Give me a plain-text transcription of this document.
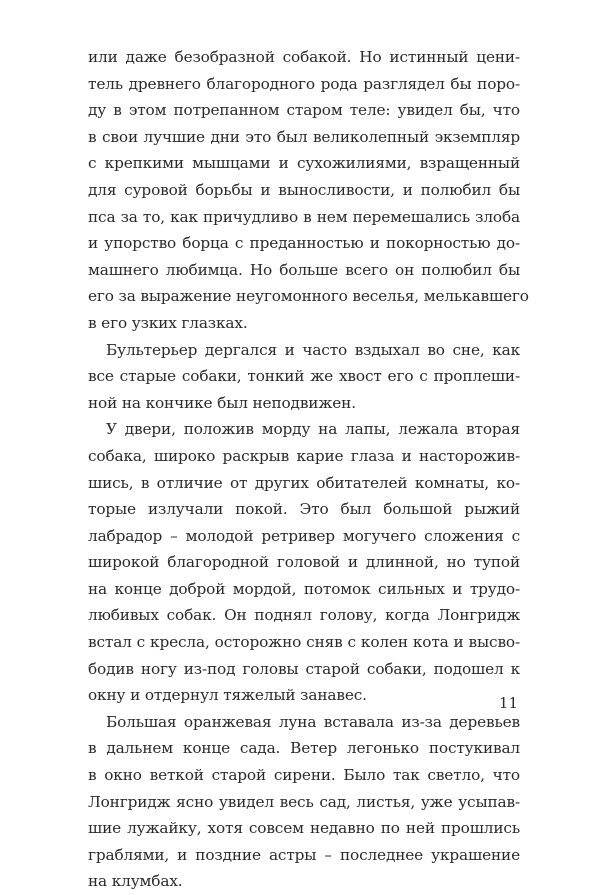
или даже безобразной собакой. Но истинный цени-
тель древнего благородного рода разглядел бы поро-
ду в этом потрепанном старом теле: увидел бы, что
в свои лучшие дни это был великолепный экземпляр
с крепкими мышцами и сухожилиями, взращенный
для суровой борьбы и выносливости, и полюбил бы
пса за то, как причудливо в нем перемешались злоба
и упорство борца с преданностью и покорностью до-
машнего любимца. Но больше всего он полюбил бы
его за выражение неугомонного веселья, мелькавшего
в его узких глазках.
Бультерьер дергался и часто вздыхал во сне, как
все старые собаки, тонкий же хвост его с проплеши-
ной на кончике был неподвижен.
У двери, положив морду на лапы, лежала вторая
собака, широко раскрыв карие глаза и насторожив-
шись, в отличие от других обитателей комнаты, ко-
торые излучали покой. Это был большой рыжий
лабрадор – молодой ретривер могучего сложения с
широкой благородной головой и длинной, но тупой
на конце доброй мордой, потомок сильных и трудо-
любивых собак. Он поднял голову, когда Лонгридж
встал с кресла, осторожно сняв с колен кота и высво-
бодив ногу из-под головы старой собаки, подошел к
окну и отдернул тяжелый занавес.
Большая оранжевая луна вставала из-за деревьев
в дальнем конце сада. Ветер легонько постукивал
в окно веткой старой сирени. Было так светло, что
Лонгридж ясно увидел весь сад, листья, уже усыпав-
шие лужайку, хотя совсем недавно по ней прошлись
граблями, и поздние астры – последнее украшение
на клумбах.
11
